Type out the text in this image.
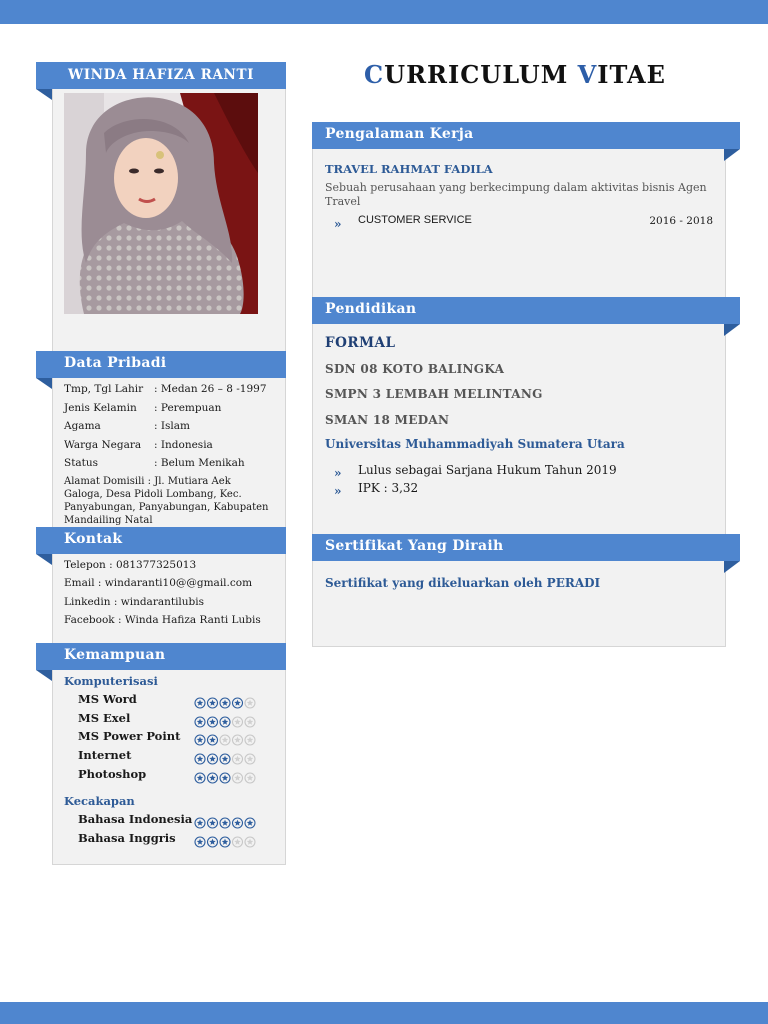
WINDA HAFIZA RANTI
Data Pribadi
Tmp, Tgl Lahir : Medan 26 – 8 -1997
Jenis Kelamin : Perempuan
Agama	: Islam
Warga Negara : Indonesia
Status	: Belum Menikah
Alamat Domisili : Jl. Mutiara Aek Galoga, Desa Pidoli Lombang, Kec. Panyabungan, Panyabungan, Kabupaten Mandailing Natal
Kontak
Telepon : 081377325013
Email : windaranti10@@gmail.com
Linkedin : windarantilubis
Facebook : Winda Hafiza Ranti Lubis
Kemampuan
Komputerisasi
MS Word
MS Exel
MS Power Point
Internet
Photoshop
Kecakapan
Bahasa Indonesia
Bahasa Inggris
CURRICULUM VITAE
Pengalaman Kerja
TRAVEL RAHMAT FADILA
Sebuah perusahaan yang berkecimpung dalam aktivitas bisnis Agen Travel
» CUSTOMER SERVICE	2016 - 2018
Pendidikan
FORMAL
SDN 08 KOTO BALINGKA
SMPN 3 LEMBAH MELINTANG
SMAN 18 MEDAN
Universitas Muhammadiyah Sumatera Utara
» Lulus sebagai Sarjana Hukum Tahun 2019
» IPK : 3,32
Sertifikat Yang Diraih
Sertifikat yang dikeluarkan oleh PERADI
